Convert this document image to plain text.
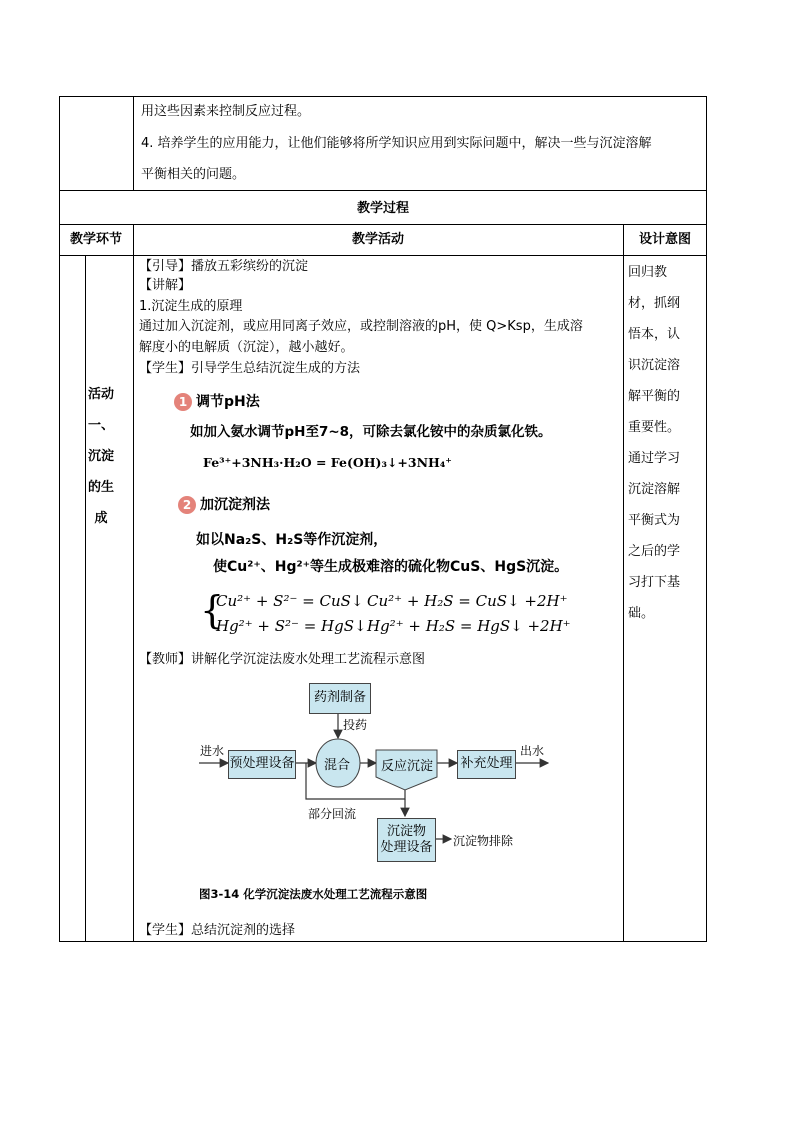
用这些因素来控制反应过程。
4. 培养学生的应用能力，让他们能够将所学知识应用到实际问题中，解决一些与沉淀溶解
平衡相关的问题。
教学过程
教学环节	教学活动	设计意图
活动
一、
沉淀
的生
成
【引导】播放五彩缤纷的沉淀
【讲解】
1.沉淀生成的原理
通过加入沉淀剂，或应用同离子效应，或控制溶液的pH，使 Q>Ksp，生成溶
解度小的电解质（沉淀），越小越好。
【学生】引导学生总结沉淀生成的方法
1 调节pH法
如加入氨水调节pH至7~8，可除去氯化铵中的杂质氯化铁。
Fe³⁺+3NH₃·H₂O = Fe(OH)₃↓+3NH₄⁺
2 加沉淀剂法
如以Na₂S、H₂S等作沉淀剂，
使Cu²⁺、Hg²⁺等生成极难溶的硫化物CuS、HgS沉淀。
{
Cu²⁺ + S²⁻ = CuS↓ Cu²⁺ + H₂S = CuS↓ +2H⁺
Hg²⁺ + S²⁻ = HgS↓ Hg²⁺ + H₂S = HgS↓ +2H⁺
【教师】讲解化学沉淀法废水处理工艺流程示意图
药剂制备
投药
进水
预处理设备 混合 反应沉淀 补充处理
出水
部分回流
沉淀物
处理设备 沉淀物排除
图3-14 化学沉淀法废水处理工艺流程示意图
【学生】总结沉淀剂的选择
回归教
材，抓纲
悟本，认
识沉淀溶
解平衡的
重要性。
通过学习
沉淀溶解
平衡式为
之后的学
习打下基
础。
